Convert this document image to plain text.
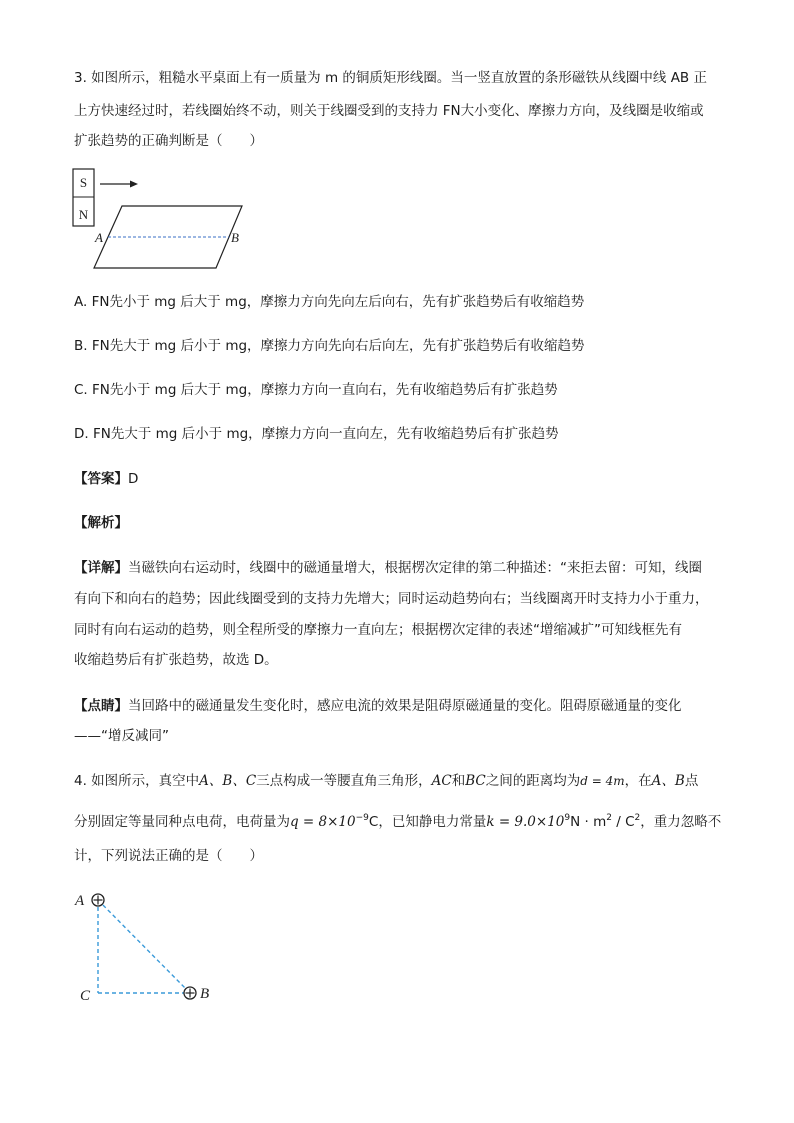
3. 如图所示，粗糙水平桌面上有一质量为 m 的铜质矩形线圈。当一竖直放置的条形磁铁从线圈中线 AB 正
上方快速经过时，若线圈始终不动，则关于线圈受到的支持力 FN大小变化、摩擦力方向，及线圈是收缩或
扩张趋势的正确判断是（　　）
S
N
A	B
A. FN先小于 mg 后大于 mg，摩擦力方向先向左后向右，先有扩张趋势后有收缩趋势
B. FN先大于 mg 后小于 mg，摩擦力方向先向右后向左，先有扩张趋势后有收缩趋势
C. FN先小于 mg 后大于 mg，摩擦力方向一直向右，先有收缩趋势后有扩张趋势
D. FN先大于 mg 后小于 mg，摩擦力方向一直向左，先有收缩趋势后有扩张趋势
【答案】D
【解析】
【详解】当磁铁向右运动时，线圈中的磁通量增大，根据楞次定律的第二种描述：“来拒去留：可知，线圈
有向下和向右的趋势；因此线圈受到的支持力先增大；同时运动趋势向右；当线圈离开时支持力小于重力，
同时有向右运动的趋势，则全程所受的摩擦力一直向左；根据楞次定律的表述“增缩减扩”可知线框先有
收缩趋势后有扩张趋势，故选 D。
【点睛】当回路中的磁通量发生变化时，感应电流的效果是阻碍原磁通量的变化。阻碍原磁通量的变化
——“增反减同”
4. 如图所示，真空中A、B、C三点构成一等腰直角三角形，AC和BC之间的距离均为d = 4m，在A、B点
分别固定等量同种点电荷，电荷量为$q = 8\times 10^{-9}C$，已知静电力常量$k = 9.0\times 10^9N \cdot m^2 / C^2$，重力忽略不
计，下列说法正确的是（　　）
A
B
C
